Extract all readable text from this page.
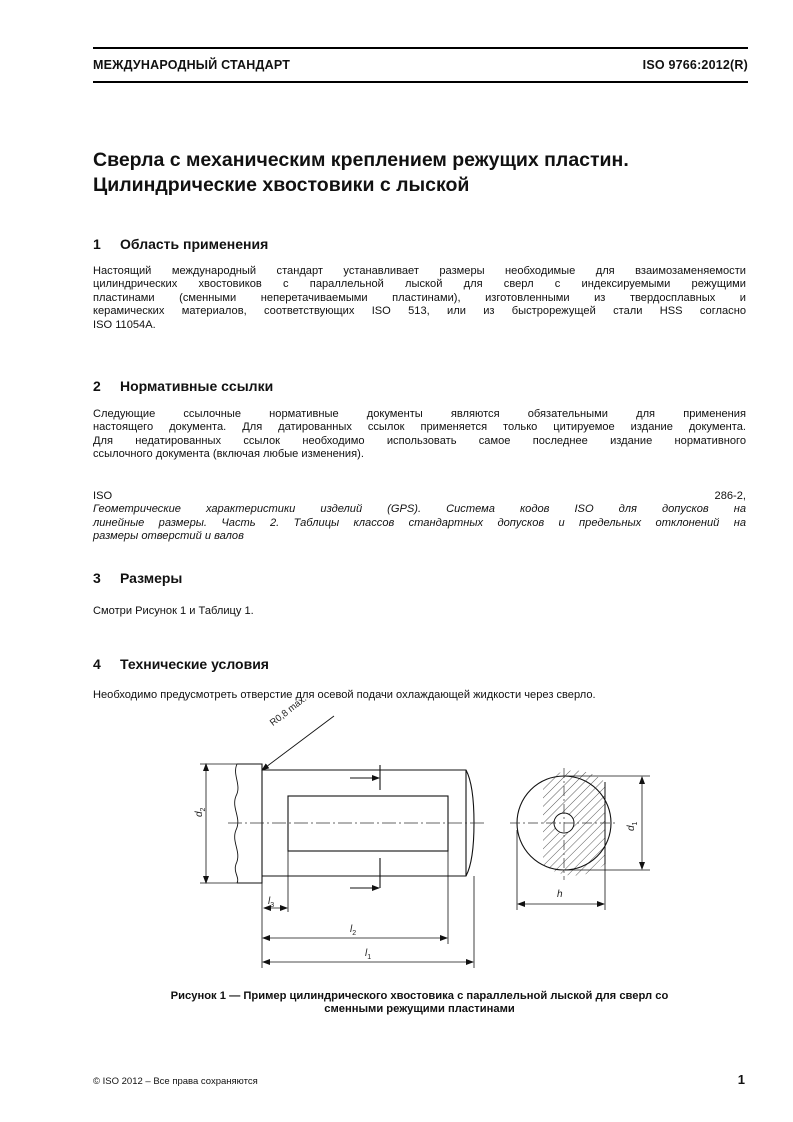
МЕЖДУНАРОДНЫЙ СТАНДАРТ	ISO 9766:2012(R)
Сверла с механическим креплением режущих пластин.
Цилиндрические хвостовики с лыской
1 Область применения

Настоящий международный стандарт устанавливает размеры необходимые для взаимозаменяемости
цилиндрических хвостовиков с параллельной лыской для сверл с индексируемыми режущими
пластинами (сменными неперетачиваемыми пластинами), изготовленными из твердосплавных и
керамических материалов, соответствующих ISO 513, или из быстрорежущей стали HSS согласно
ISO 11054A.

2 Нормативные ссылки

Следующие ссылочные нормативные документы являются обязательными для применения
настоящего документа. Для датированных ссылок применяется только цитируемое издание документа.
Для недатированных ссылок необходимо использовать самое последнее издание нормативного
ссылочного документа (включая любые изменения).

ISO 286-2,
Геометрические характеристики изделий (GPS). Система кодов ISO для допусков на
линейные размеры. Часть 2. Таблицы классов стандартных допусков и предельных отклонений на
размеры отверстий и валов

3 Размеры

Смотри Рисунок 1 и Таблицу 1.

4 Технические условия

Необходимо предусмотреть отверстие для осевой подачи охлаждающей жидкости через сверло.

R0,8 max.
$d_2$
$l_3$
$l_2$
$l_1$
h
$d_1$

Рисунок 1 — Пример цилиндрического хвостовика с параллельной лыской для сверл со
сменными режущими пластинами

© ISO 2012 – Все права сохраняются	1
